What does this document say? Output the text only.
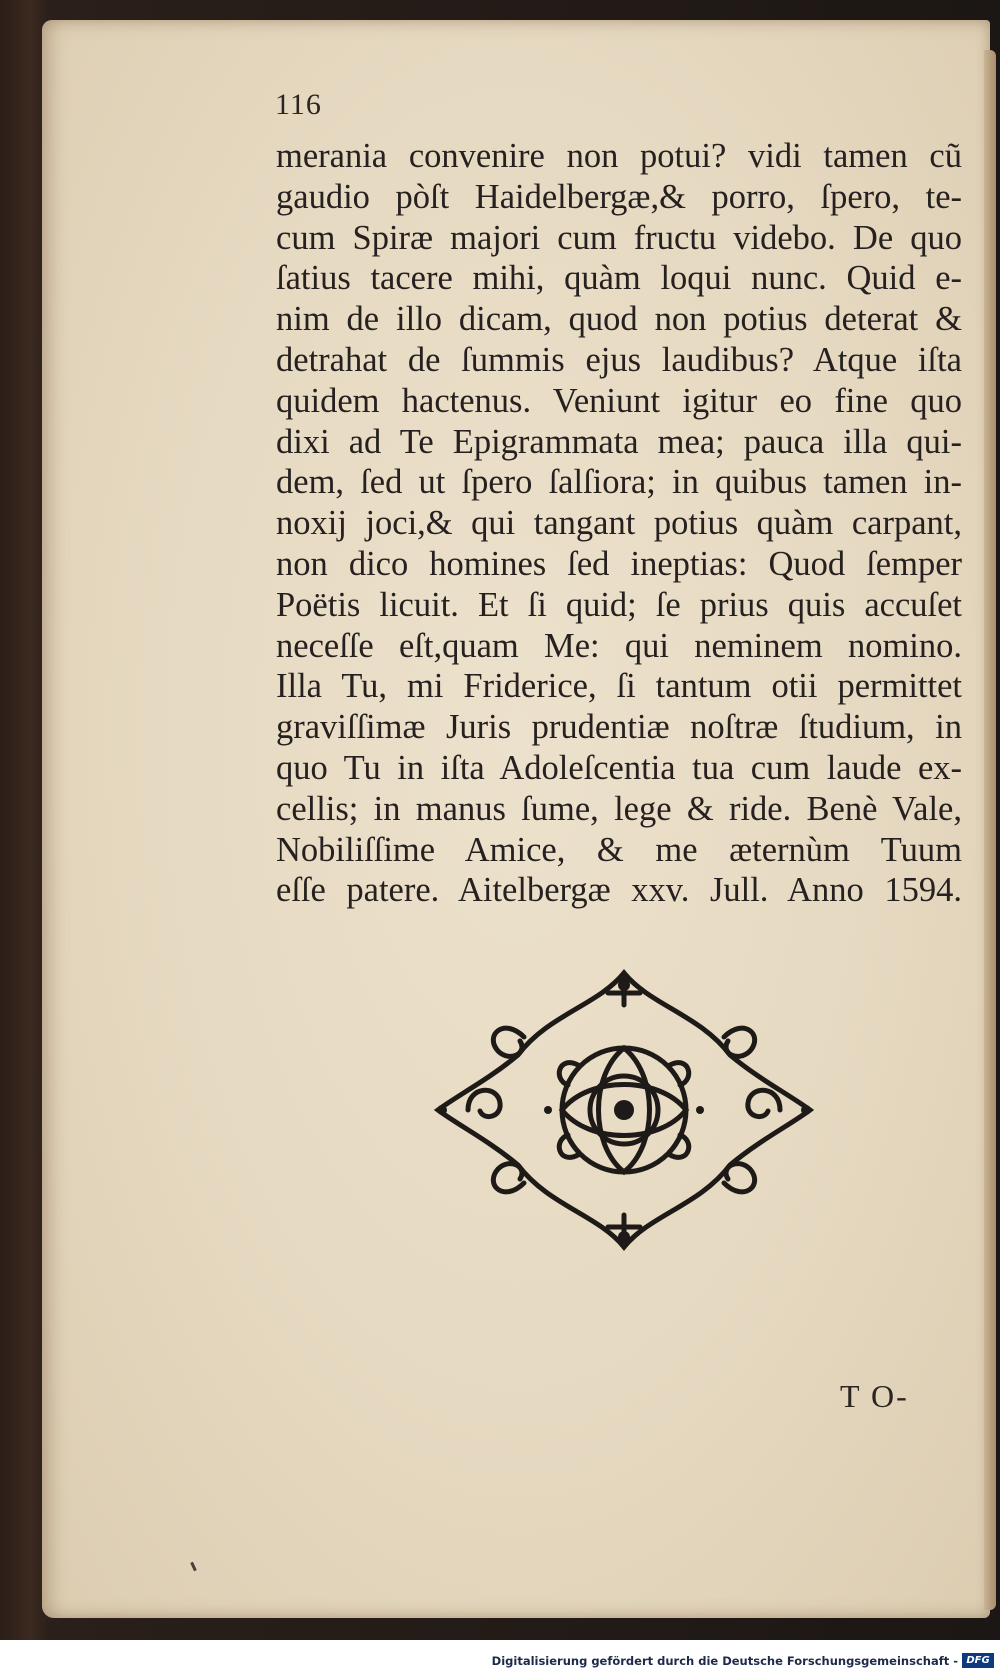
116
merania convenire non potui? vidi tamen cũ
gaudio pòſt Haidelbergæ,& porro, ſpero, te-
cum Spiræ majori cum fructu videbo. De quo
ſatius tacere mihi, quàm loqui nunc. Quid e-
nim de illo dicam, quod non potius deterat &
detrahat de ſummis ejus laudibus? Atque iſta
quidem hactenus. Veniunt igitur eo fine quo
dixi ad Te Epigrammata mea; pauca illa qui-
dem, ſed ut ſpero ſalſiora; in quibus tamen in-
noxij joci,& qui tangant potius quàm carpant,
non dico homines ſed ineptias: Quod ſemper
Poëtis licuit. Et ſi quid; ſe prius quis accuſet
neceſſe eſt,quam Me: qui neminem nomino.
Illa Tu, mi Friderice, ſi tantum otii permittet
graviſſimæ Juris prudentiæ noſtræ ſtudium, in
quo Tu in iſta Adoleſcentia tua cum laude ex-
cellis; in manus ſume, lege & ride. Benè Vale,
Nobiliſſime Amice, & me æternùm Tuum
eſſe patere. Aitelbergæ xxv. Jull. Anno 1594.
T O-
Digitalisierung gefördert durch die Deutsche Forschungsgemeinschaft - DFG
